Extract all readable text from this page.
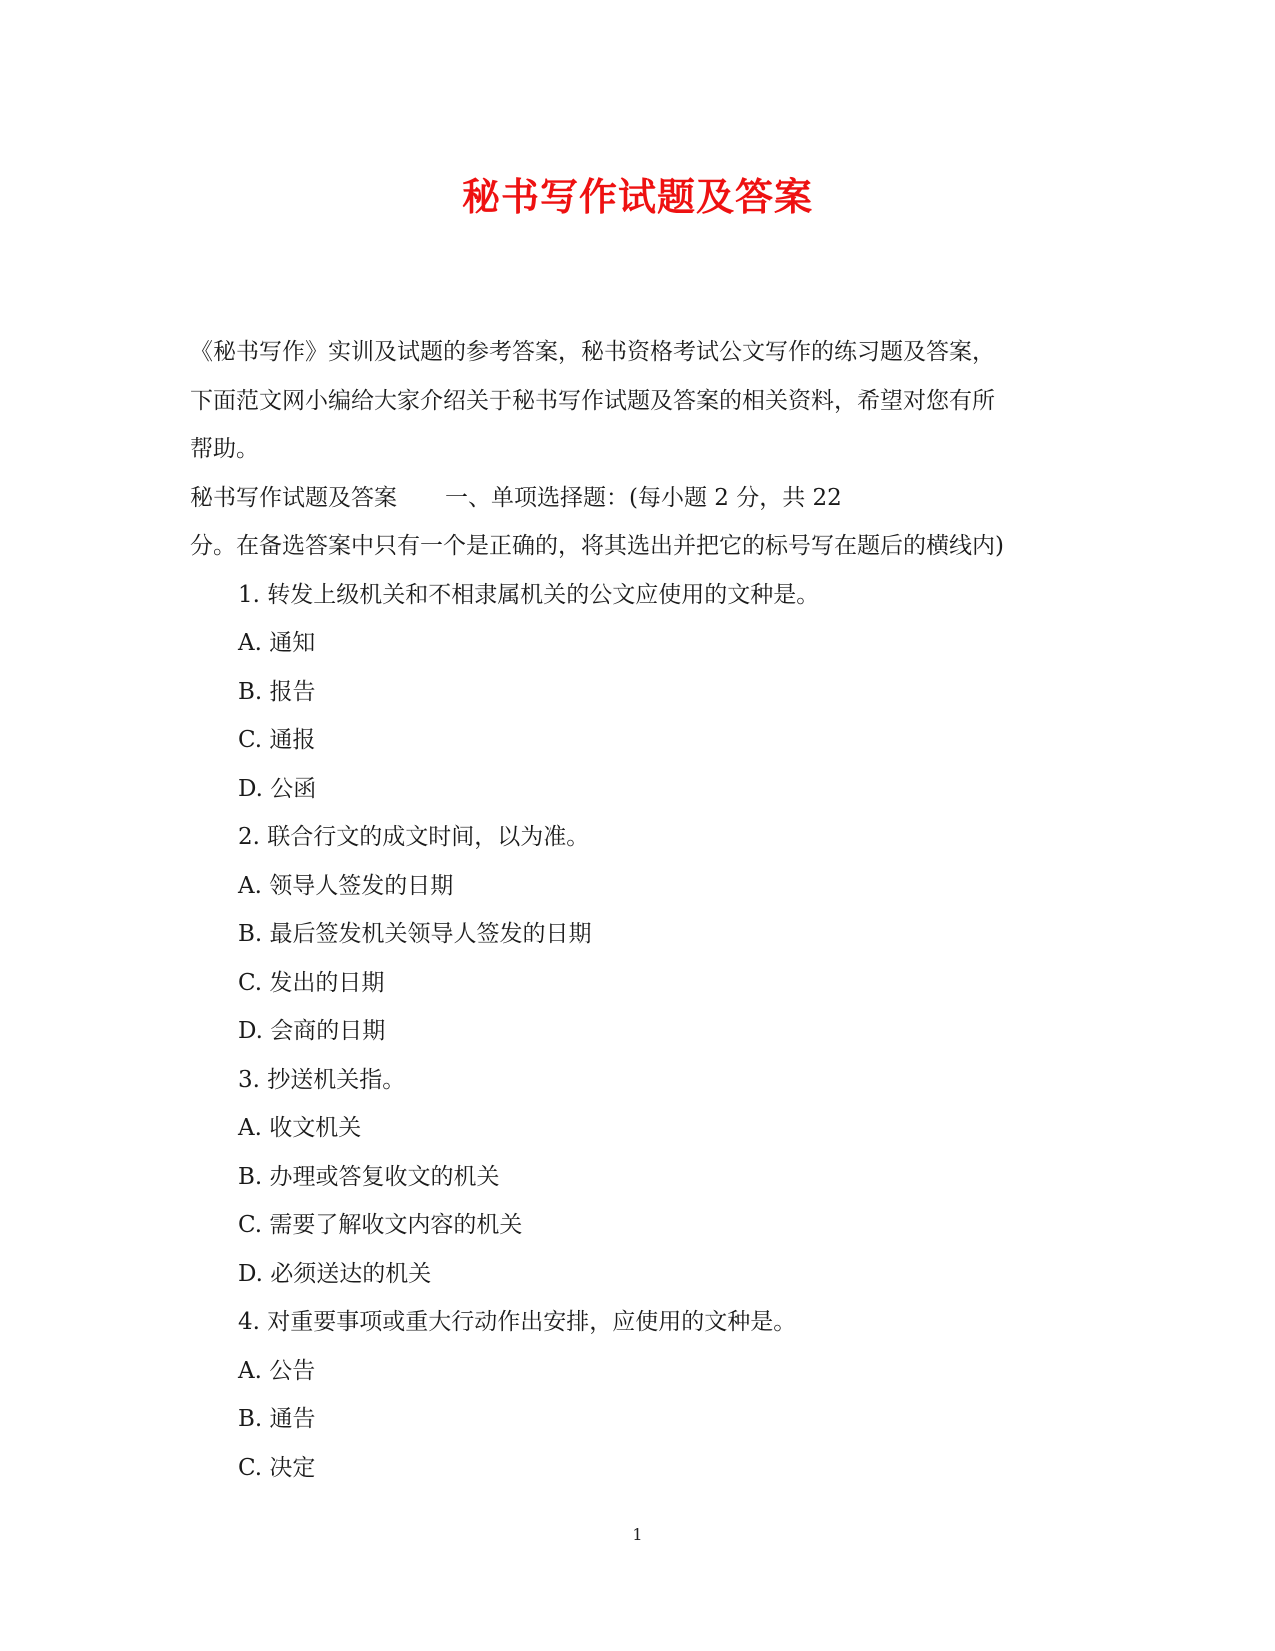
秘书写作试题及答案
《秘书写作》实训及试题的参考答案，秘书资格考试公文写作的练习题及答案，
下面范文网小编给大家介绍关于秘书写作试题及答案的相关资料，希望对您有所
帮助。
秘书写作试题及答案 一、单项选择题：(每小题 2 分，共 22
分。在备选答案中只有一个是正确的，将其选出并把它的标号写在题后的横线内)
1. 转发上级机关和不相隶属机关的公文应使用的文种是。
A. 通知
B. 报告
C. 通报
D. 公函
2. 联合行文的成文时间，以为准。
A. 领导人签发的日期
B. 最后签发机关领导人签发的日期
C. 发出的日期
D. 会商的日期
3. 抄送机关指。
A. 收文机关
B. 办理或答复收文的机关
C. 需要了解收文内容的机关
D. 必须送达的机关
4. 对重要事项或重大行动作出安排，应使用的文种是。
A. 公告
B. 通告
C. 决定
1
